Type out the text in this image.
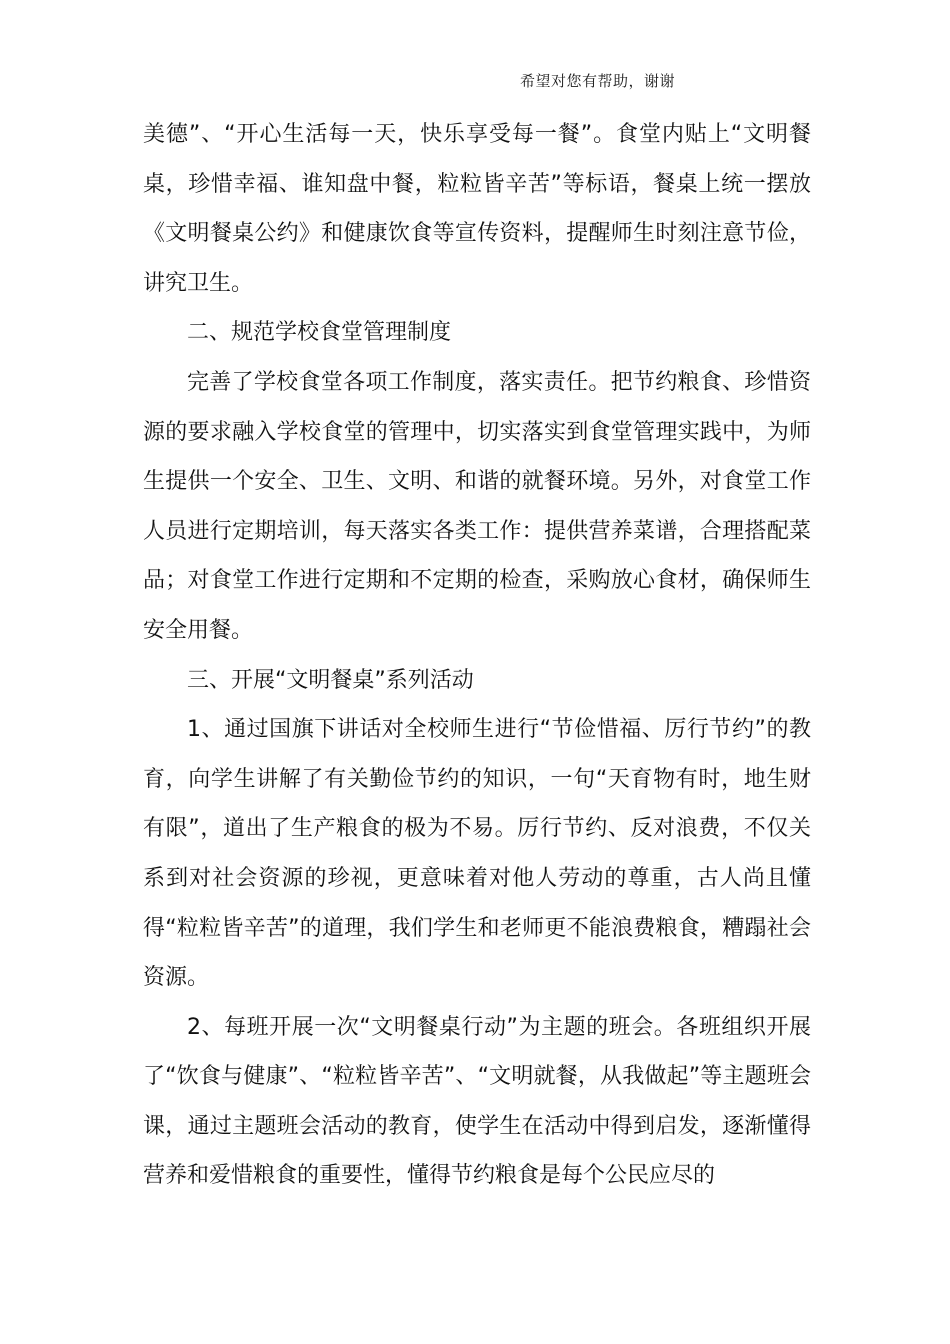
希望对您有帮助，谢谢

美德”、“开心生活每一天，快乐享受每一餐”。食堂内贴上“文明餐桌，珍惜幸福、谁知盘中餐，粒粒皆辛苦”等标语，餐桌上统一摆放《文明餐桌公约》和健康饮食等宣传资料，提醒师生时刻注意节俭，讲究卫生。

二、规范学校食堂管理制度

完善了学校食堂各项工作制度，落实责任。把节约粮食、珍惜资源的要求融入学校食堂的管理中，切实落实到食堂管理实践中，为师生提供一个安全、卫生、文明、和谐的就餐环境。另外，对食堂工作人员进行定期培训，每天落实各类工作：提供营养菜谱，合理搭配菜品；对食堂工作进行定期和不定期的检查，采购放心食材，确保师生安全用餐。

三、开展“文明餐桌”系列活动

1、通过国旗下讲话对全校师生进行“节俭惜福、厉行节约”的教育，向学生讲解了有关勤俭节约的知识，一句“天育物有时，地生财有限”，道出了生产粮食的极为不易。厉行节约、反对浪费，不仅关系到对社会资源的珍视，更意味着对他人劳动的尊重，古人尚且懂得“粒粒皆辛苦”的道理，我们学生和老师更不能浪费粮食，糟蹋社会资源。

2、每班开展一次“文明餐桌行动”为主题的班会。各班组织开展了“饮食与健康”、“粒粒皆辛苦”、“文明就餐，从我做起”等主题班会课，通过主题班会活动的教育，使学生在活动中得到启发，逐渐懂得营养和爱惜粮食的重要性，懂得节约粮食是每个公民应尽的
